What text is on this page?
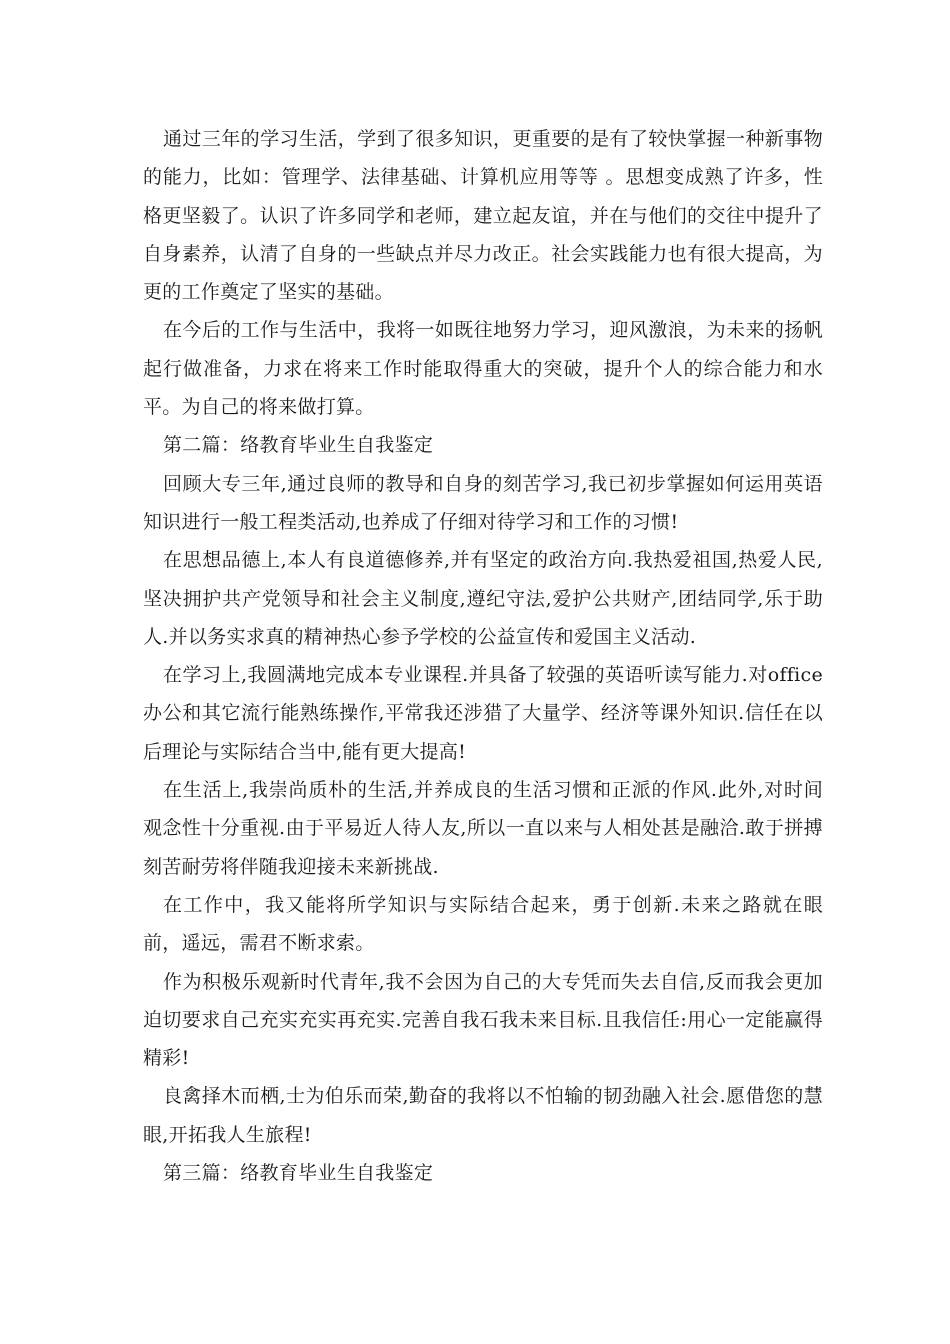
通过三年的学习生活，学到了很多知识，更重要的是有了较快掌握一种新事物的能力，比如：管理学、法律基础、计算机应用等等 。思想变成熟了许多，性格更坚毅了。认识了许多同学和老师，建立起友谊，并在与他们的交往中提升了自身素养，认清了自身的一些缺点并尽力改正。社会实践能力也有很大提高，为更的工作奠定了坚实的基础。

在今后的工作与生活中，我将一如既往地努力学习，迎风激浪，为未来的扬帆起行做准备，力求在将来工作时能取得重大的突破，提升个人的综合能力和水平。为自己的将来做打算。

第二篇：络教育毕业生自我鉴定

回顾大专三年,通过良师的教导和自身的刻苦学习,我已初步掌握如何运用英语知识进行一般工程类活动,也养成了仔细对待学习和工作的习惯!

在思想品德上,本人有良道德修养,并有坚定的政治方向.我热爱祖国,热爱人民,坚决拥护共产党领导和社会主义制度,遵纪守法,爱护公共财产,团结同学,乐于助人.并以务实求真的精神热心参予学校的公益宣传和爱国主义活动.

在学习上,我圆满地完成本专业课程.并具备了较强的英语听读写能力.对office办公和其它流行能熟练操作,平常我还涉猎了大量学、经济等课外知识.信任在以后理论与实际结合当中,能有更大提高!

在生活上,我崇尚质朴的生活,并养成良的生活习惯和正派的作风.此外,对时间观念性十分重视.由于平易近人待人友,所以一直以来与人相处甚是融洽.敢于拼搏刻苦耐劳将伴随我迎接未来新挑战.

在工作中，我又能将所学知识与实际结合起来，勇于创新.未来之路就在眼前，遥远，需君不断求索。

作为积极乐观新时代青年,我不会因为自己的大专凭而失去自信,反而我会更加迫切要求自己充实充实再充实.完善自我石我未来目标.且我信任:用心一定能赢得精彩!

良禽择木而栖,士为伯乐而荣,勤奋的我将以不怕输的韧劲融入社会.愿借您的慧眼,开拓我人生旅程!

第三篇：络教育毕业生自我鉴定
